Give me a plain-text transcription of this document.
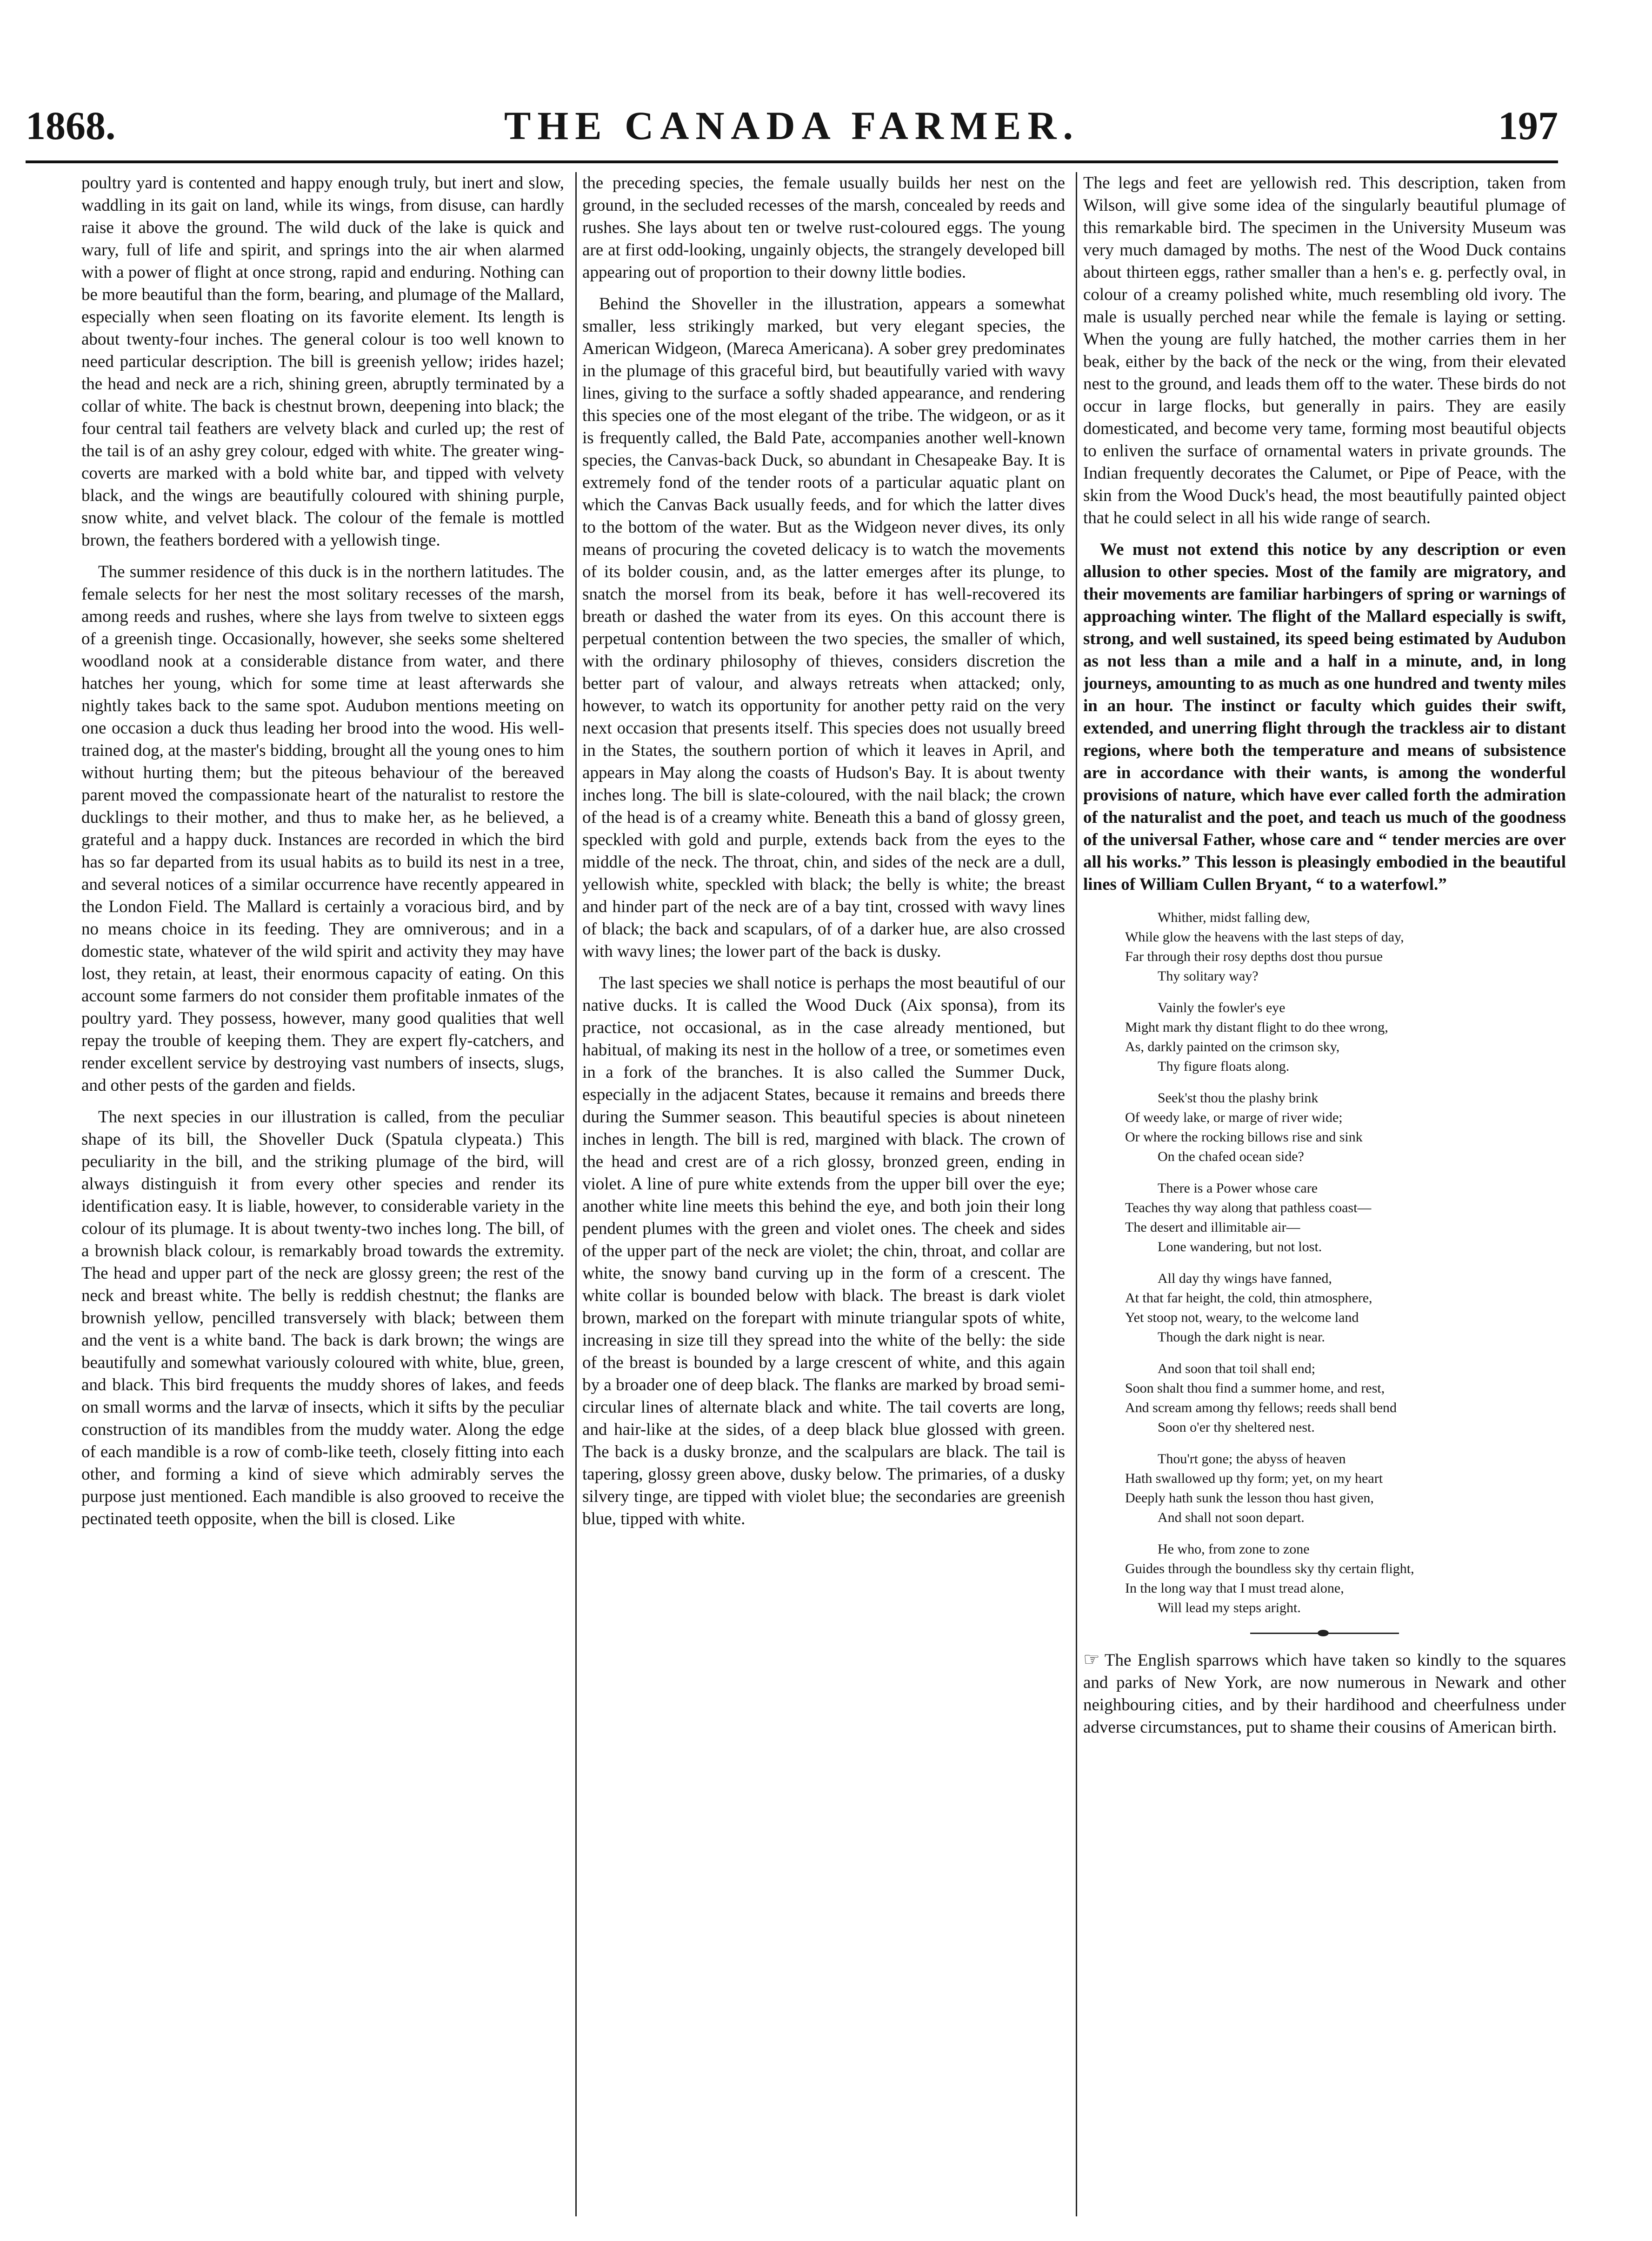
1868.	THE CANADA FARMER.	197

poultry yard is contented and happy enough truly, but inert and slow, waddling in its gait on land, while its wings, from disuse, can hardly raise it above the ground. The wild duck of the lake is quick and wary, full of life and spirit, and springs into the air when alarmed with a power of flight at once strong, rapid and enduring. Nothing can be more beautiful than the form, bearing, and plumage of the Mallard, especially when seen floating on its favorite element. Its length is about twenty-four inches. The general colour is too well known to need particular description. The bill is greenish yellow; irides hazel; the head and neck are a rich, shining green, abruptly terminated by a collar of white. The back is chestnut brown, deepening into black; the four central tail feathers are velvety black and curled up; the rest of the tail is of an ashy grey colour, edged with white. The greater wing-coverts are marked with a bold white bar, and tipped with velvety black, and the wings are beautifully coloured with shining purple, snow white, and velvet black. The colour of the female is mottled brown, the feathers bordered with a yellowish tinge.

The summer residence of this duck is in the northern latitudes. The female selects for her nest the most solitary recesses of the marsh, among reeds and rushes, where she lays from twelve to sixteen eggs of a greenish tinge. Occasionally, however, she seeks some sheltered woodland nook at a considerable distance from water, and there hatches her young, which for some time at least afterwards she nightly takes back to the same spot. Audubon mentions meeting on one occasion a duck thus leading her brood into the wood. His well-trained dog, at the master's bidding, brought all the young ones to him without hurting them; but the piteous behaviour of the bereaved parent moved the compassionate heart of the naturalist to restore the ducklings to their mother, and thus to make her, as he believed, a grateful and a happy duck. Instances are recorded in which the bird has so far departed from its usual habits as to build its nest in a tree, and several notices of a similar occurrence have recently appeared in the London Field. The Mallard is certainly a voracious bird, and by no means choice in its feeding. They are omniverous; and in a domestic state, whatever of the wild spirit and activity they may have lost, they retain, at least, their enormous capacity of eating. On this account some farmers do not consider them profitable inmates of the poultry yard. They possess, however, many good qualities that well repay the trouble of keeping them. They are expert fly-catchers, and render excellent service by destroying vast numbers of insects, slugs, and other pests of the garden and fields.

The next species in our illustration is called, from the peculiar shape of its bill, the Shoveller Duck (Spatula clypeata.) This peculiarity in the bill, and the striking plumage of the bird, will always distinguish it from every other species and render its identification easy. It is liable, however, to considerable variety in the colour of its plumage. It is about twenty-two inches long. The bill, of a brownish black colour, is remarkably broad towards the extremity. The head and upper part of the neck are glossy green; the rest of the neck and breast white. The belly is reddish chestnut; the flanks are brownish yellow, pencilled transversely with black; between them and the vent is a white band. The back is dark brown; the wings are beautifully and somewhat variously coloured with white, blue, green, and black. This bird frequents the muddy shores of lakes, and feeds on small worms and the larvæ of insects, which it sifts by the peculiar construction of its mandibles from the muddy water. Along the edge of each mandible is a row of comb-like teeth, closely fitting into each other, and forming a kind of sieve which admirably serves the purpose just mentioned. Each mandible is also grooved to receive the pectinated teeth opposite, when the bill is closed. Like

the preceding species, the female usually builds her nest on the ground, in the secluded recesses of the marsh, concealed by reeds and rushes. She lays about ten or twelve rust-coloured eggs. The young are at first odd-looking, ungainly objects, the strangely developed bill appearing out of proportion to their downy little bodies.

Behind the Shoveller in the illustration, appears a somewhat smaller, less strikingly marked, but very elegant species, the American Widgeon, (Mareca Americana). A sober grey predominates in the plumage of this graceful bird, but beautifully varied with wavy lines, giving to the surface a softly shaded appearance, and rendering this species one of the most elegant of the tribe. The widgeon, or as it is frequently called, the Bald Pate, accompanies another well-known species, the Canvas-back Duck, so abundant in Chesapeake Bay. It is extremely fond of the tender roots of a particular aquatic plant on which the Canvas Back usually feeds, and for which the latter dives to the bottom of the water. But as the Widgeon never dives, its only means of procuring the coveted delicacy is to watch the movements of its bolder cousin, and, as the latter emerges after its plunge, to snatch the morsel from its beak, before it has well-recovered its breath or dashed the water from its eyes. On this account there is perpetual contention between the two species, the smaller of which, with the ordinary philosophy of thieves, considers discretion the better part of valour, and always retreats when attacked; only, however, to watch its opportunity for another petty raid on the very next occasion that presents itself. This species does not usually breed in the States, the southern portion of which it leaves in April, and appears in May along the coasts of Hudson's Bay. It is about twenty inches long. The bill is slate-coloured, with the nail black; the crown of the head is of a creamy white. Beneath this a band of glossy green, speckled with gold and purple, extends back from the eyes to the middle of the neck. The throat, chin, and sides of the neck are a dull, yellowish white, speckled with black; the belly is white; the breast and hinder part of the neck are of a bay tint, crossed with wavy lines of black; the back and scapulars, of of a darker hue, are also crossed with wavy lines; the lower part of the back is dusky.

The last species we shall notice is perhaps the most beautiful of our native ducks. It is called the Wood Duck (Aix sponsa), from its practice, not occasional, as in the case already mentioned, but habitual, of making its nest in the hollow of a tree, or sometimes even in a fork of the branches. It is also called the Summer Duck, especially in the adjacent States, because it remains and breeds there during the Summer season. This beautiful species is about nineteen inches in length. The bill is red, margined with black. The crown of the head and crest are of a rich glossy, bronzed green, ending in violet. A line of pure white extends from the upper bill over the eye; another white line meets this behind the eye, and both join their long pendent plumes with the green and violet ones. The cheek and sides of the upper part of the neck are violet; the chin, throat, and collar are white, the snowy band curving up in the form of a crescent. The white collar is bounded below with black. The breast is dark violet brown, marked on the forepart with minute triangular spots of white, increasing in size till they spread into the white of the belly: the side of the breast is bounded by a large crescent of white, and this again by a broader one of deep black. The flanks are marked by broad semi-circular lines of alternate black and white. The tail coverts are long, and hair-like at the sides, of a deep black blue glossed with green. The back is a dusky bronze, and the scalpulars are black. The tail is tapering, glossy green above, dusky below. The primaries, of a dusky silvery tinge, are tipped with violet blue; the secondaries are greenish blue, tipped with white.

The legs and feet are yellowish red. This description, taken from Wilson, will give some idea of the singularly beautiful plumage of this remarkable bird. The specimen in the University Museum was very much damaged by moths. The nest of the Wood Duck contains about thirteen eggs, rather smaller than a hen's e. g. perfectly oval, in colour of a creamy polished white, much resembling old ivory. The male is usually perched near while the female is laying or setting. When the young are fully hatched, the mother carries them in her beak, either by the back of the neck or the wing, from their elevated nest to the ground, and leads them off to the water. These birds do not occur in large flocks, but generally in pairs. They are easily domesticated, and become very tame, forming most beautiful objects to enliven the surface of ornamental waters in private grounds. The Indian frequently decorates the Calumet, or Pipe of Peace, with the skin from the Wood Duck's head, the most beautifully painted object that he could select in all his wide range of search.

We must not extend this notice by any description or even allusion to other species. Most of the family are migratory, and their movements are familiar harbingers of spring or warnings of approaching winter. The flight of the Mallard especially is swift, strong, and well sustained, its speed being estimated by Audubon as not less than a mile and a half in a minute, and, in long journeys, amounting to as much as one hundred and twenty miles in an hour. The instinct or faculty which guides their swift, extended, and unerring flight through the trackless air to distant regions, where both the temperature and means of subsistence are in accordance with their wants, is among the wonderful provisions of nature, which have ever called forth the admiration of the naturalist and the poet, and teach us much of the goodness of the universal Father, whose care and “ tender mercies are over all his works.” This lesson is pleasingly embodied in the beautiful lines of William Cullen Bryant, “ to a waterfowl.”

Whither, midst falling dew,
While glow the heavens with the last steps of day,
Far through their rosy depths dost thou pursue
Thy solitary way?
Vainly the fowler's eye
Might mark thy distant flight to do thee wrong,
As, darkly painted on the crimson sky,
Thy figure floats along.
Seek'st thou the plashy brink
Of weedy lake, or marge of river wide;
Or where the rocking billows rise and sink
On the chafed ocean side?
There is a Power whose care
Teaches thy way along that pathless coast—
The desert and illimitable air—
Lone wandering, but not lost.
All day thy wings have fanned,
At that far height, the cold, thin atmosphere,
Yet stoop not, weary, to the welcome land
Though the dark night is near.
And soon that toil shall end;
Soon shalt thou find a summer home, and rest,
And scream among thy fellows; reeds shall bend
Soon o'er thy sheltered nest.
Thou'rt gone; the abyss of heaven
Hath swallowed up thy form; yet, on my heart
Deeply hath sunk the lesson thou hast given,
And shall not soon depart.
He who, from zone to zone
Guides through the boundless sky thy certain flight,
In the long way that I must tread alone,
Will lead my steps aright.

☞ The English sparrows which have taken so kindly to the squares and parks of New York, are now numerous in Newark and other neighbouring cities, and by their hardihood and cheerfulness under adverse circumstances, put to shame their cousins of American birth.
